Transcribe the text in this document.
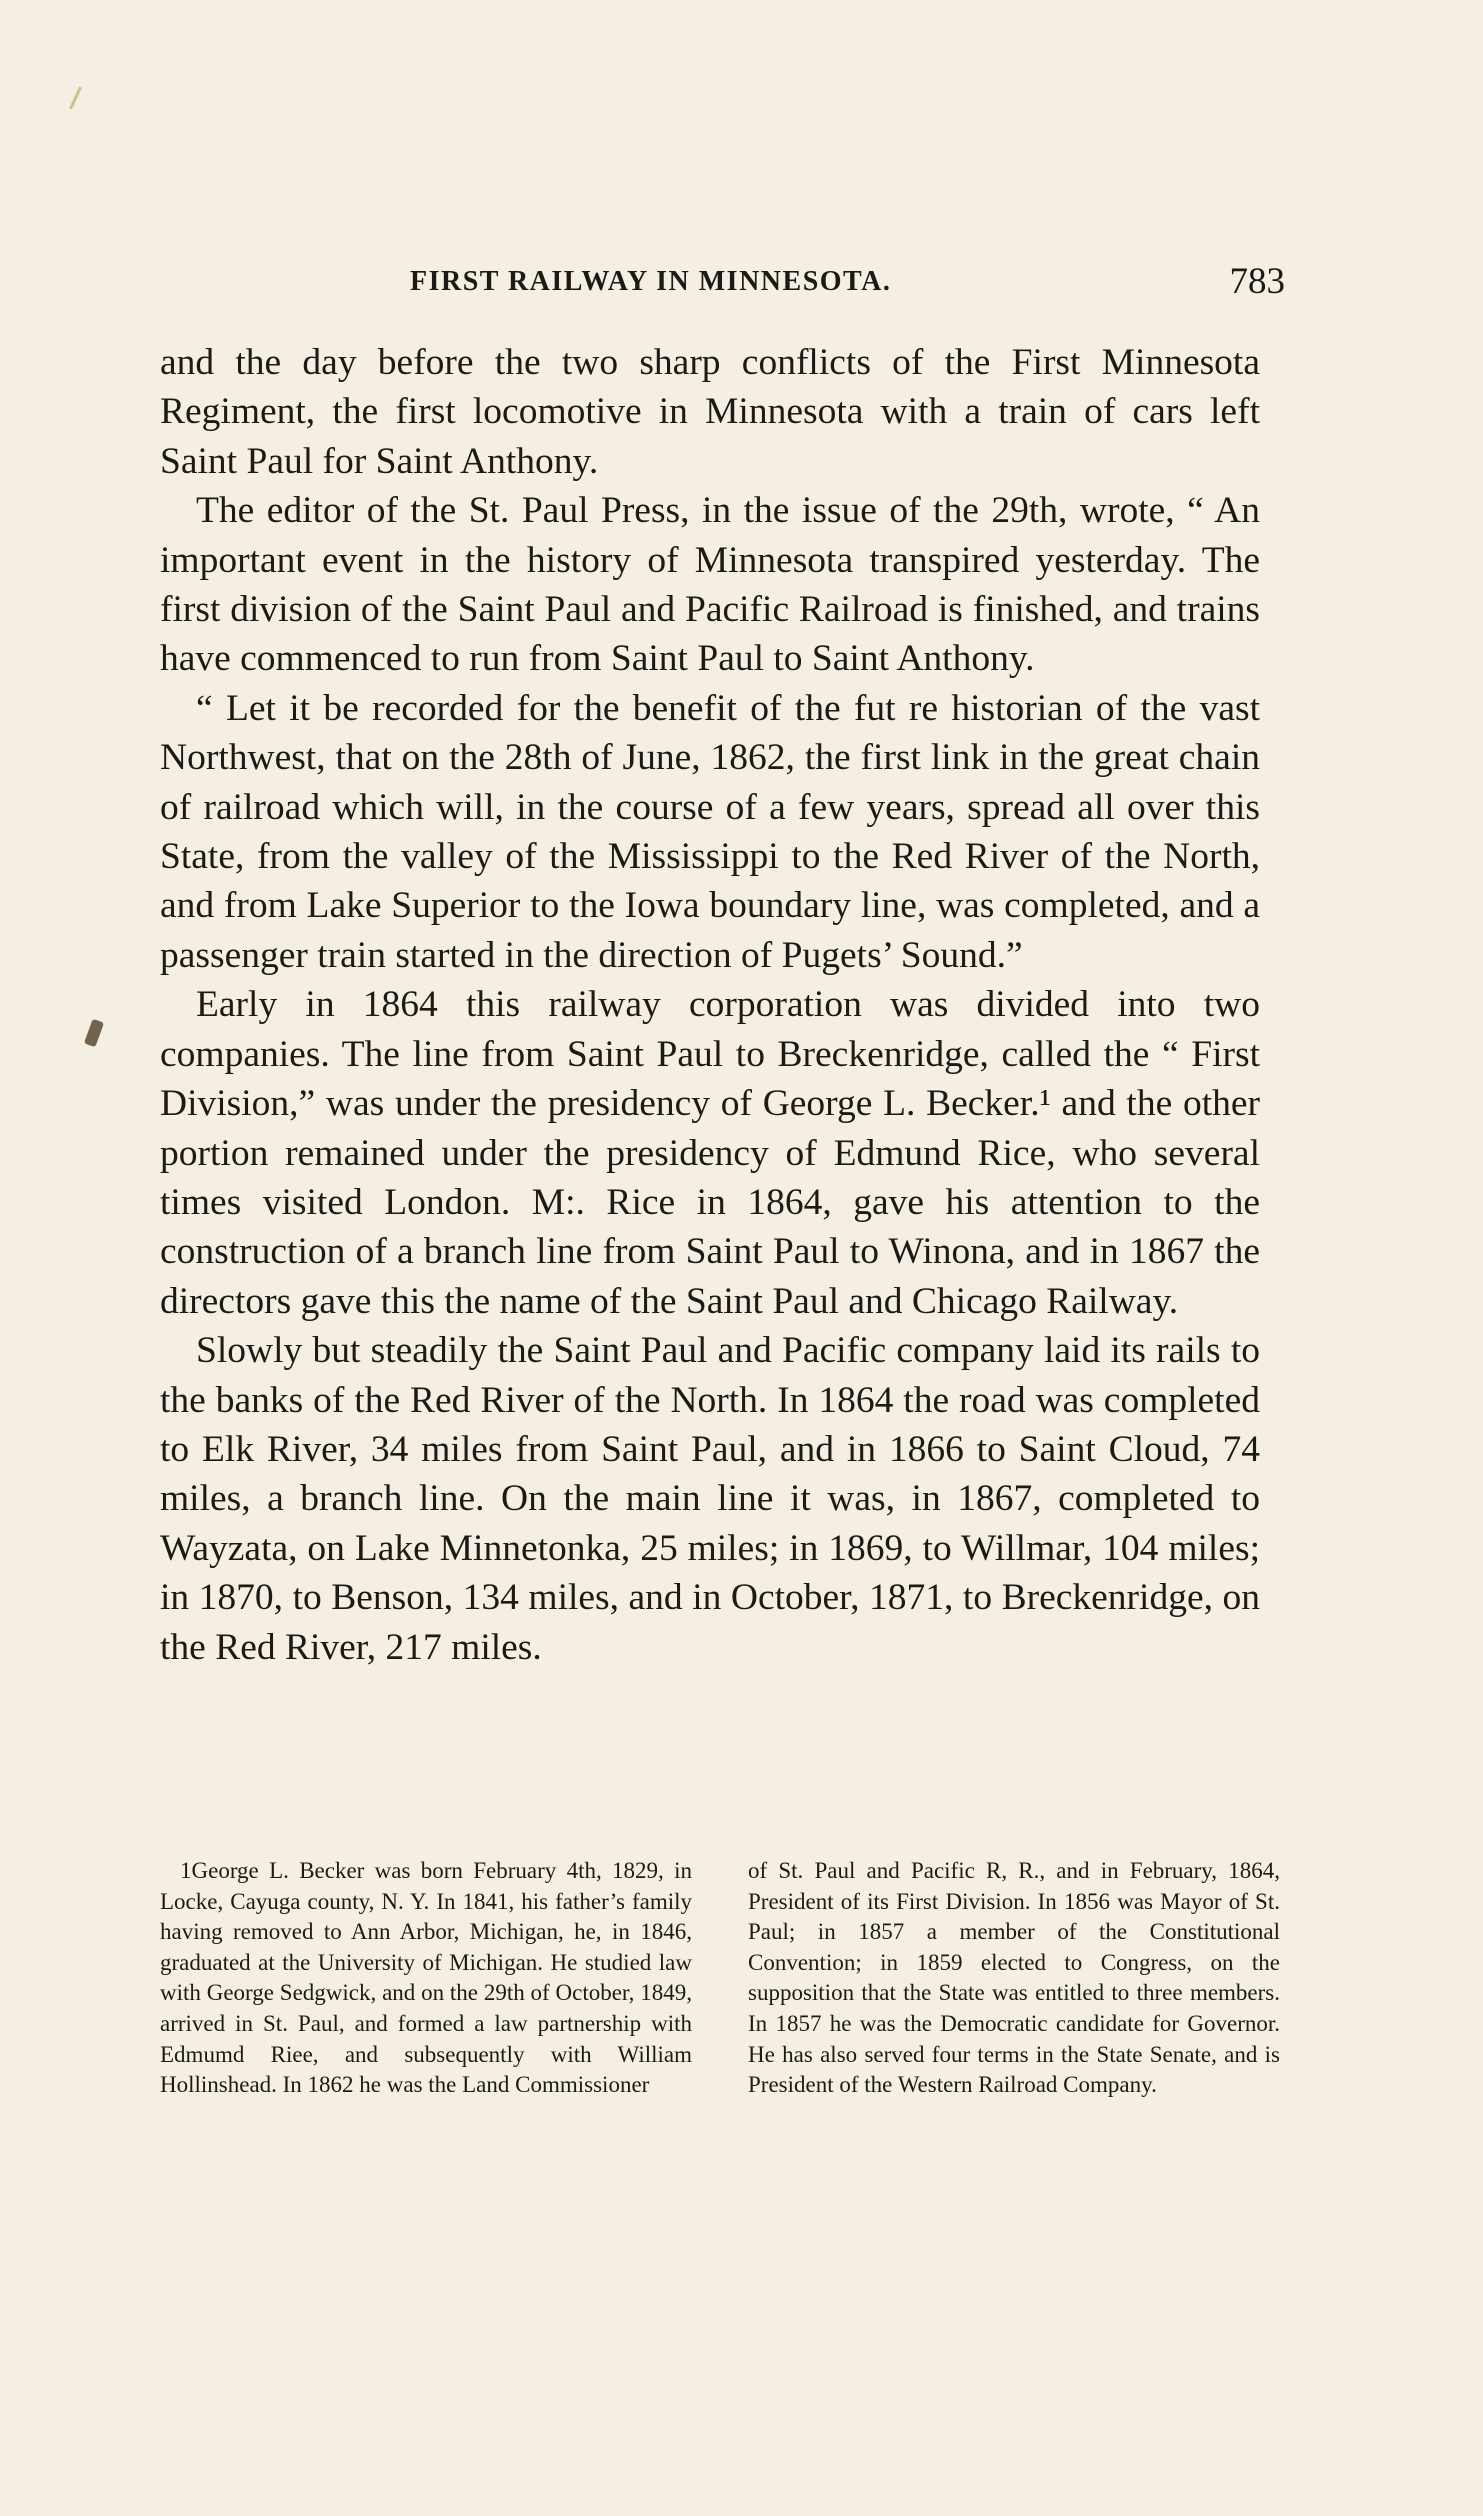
FIRST RAILWAY IN MINNESOTA.	783

and the day before the two sharp conflicts of the First Minnesota Regiment, the first locomotive in Minnesota with a train of cars left Saint Paul for Saint Anthony.

The editor of the St. Paul Press, in the issue of the 29th, wrote, “ An important event in the history of Minnesota transpired yesterday. The first division of the Saint Paul and Pacific Railroad is finished, and trains have commenced to run from Saint Paul to Saint Anthony.

“ Let it be recorded for the benefit of the fut re historian of the vast Northwest, that on the 28th of June, 1862, the first link in the great chain of railroad which will, in the course of a few years, spread all over this State, from the valley of the Mississippi to the Red River of the North, and from Lake Superior to the Iowa boundary line, was completed, and a passenger train started in the direction of Pugets’ Sound.”

Early in 1864 this railway corporation was divided into two companies. The line from Saint Paul to Breckenridge, called the “ First Division,” was under the presidency of George L. Becker.¹ and the other portion remained under the presidency of Edmund Rice, who several times visited London. M:. Rice in 1864, gave his attention to the construction of a branch line from Saint Paul to Winona, and in 1867 the directors gave this the name of the Saint Paul and Chicago Railway.

Slowly but steadily the Saint Paul and Pacific company laid its rails to the banks of the Red River of the North. In 1864 the road was completed to Elk River, 34 miles from Saint Paul, and in 1866 to Saint Cloud, 74 miles, a branch line. On the main line it was, in 1867, completed to Wayzata, on Lake Minnetonka, 25 miles; in 1869, to Willmar, 104 miles; in 1870, to Benson, 134 miles, and in October, 1871, to Breckenridge, on the Red River, 217 miles.

1George L. Becker was born February 4th, 1829, in Locke, Cayuga county, N. Y. In 1841, his father’s family having removed to Ann Arbor, Michigan, he, in 1846, graduated at the University of Michigan. He studied law with George Sedgwick, and on the 29th of October, 1849, arrived in St. Paul, and formed a law partnership with Edmumd Riee, and subsequently with William Hollinshead. In 1862 he was the Land Commissioner

of St. Paul and Pacific R, R., and in February, 1864, President of its First Division. In 1856 was Mayor of St. Paul; in 1857 a member of the Constitutional Convention; in 1859 elected to Congress, on the supposition that the State was entitled to three members. In 1857 he was the Democratic candidate for Governor. He has also served four terms in the State Senate, and is President of the Western Railroad Company.
